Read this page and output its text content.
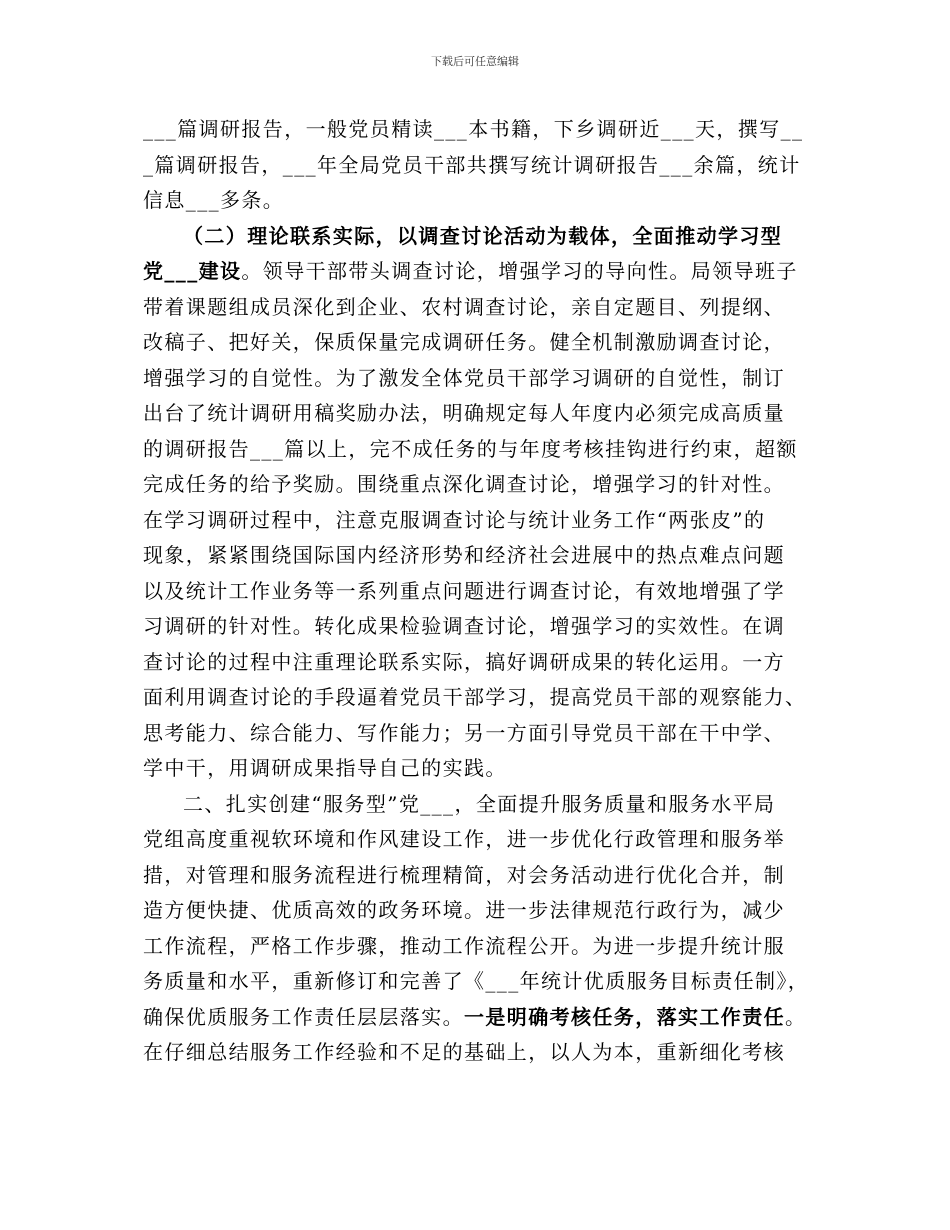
下载后可任意编辑
___篇调研报告，一般党员精读___本书籍，下乡调研近___天，撰写__
_篇调研报告，___年全局党员干部共撰写统计调研报告___余篇，统计
信息___多条。
（二）理论联系实际，以调查讨论活动为载体，全面推动学习型
党___建设。领导干部带头调查讨论，增强学习的导向性。局领导班子
带着课题组成员深化到企业、农村调查讨论，亲自定题目、列提纲、
改稿子、把好关，保质保量完成调研任务。健全机制激励调查讨论，
增强学习的自觉性。为了激发全体党员干部学习调研的自觉性，制订
出台了统计调研用稿奖励办法，明确规定每人年度内必须完成高质量
的调研报告___篇以上，完不成任务的与年度考核挂钩进行约束，超额
完成任务的给予奖励。围绕重点深化调查讨论，增强学习的针对性。
在学习调研过程中，注意克服调查讨论与统计业务工作“两张皮”的
现象，紧紧围绕国际国内经济形势和经济社会进展中的热点难点问题
以及统计工作业务等一系列重点问题进行调查讨论，有效地增强了学
习调研的针对性。转化成果检验调查讨论，增强学习的实效性。在调
查讨论的过程中注重理论联系实际，搞好调研成果的转化运用。一方
面利用调查讨论的手段逼着党员干部学习，提高党员干部的观察能力、
思考能力、综合能力、写作能力；另一方面引导党员干部在干中学、
学中干，用调研成果指导自己的实践。
二、扎实创建“服务型”党___，全面提升服务质量和服务水平局
党组高度重视软环境和作风建设工作，进一步优化行政管理和服务举
措，对管理和服务流程进行梳理精简，对会务活动进行优化合并，制
造方便快捷、优质高效的政务环境。进一步法律规范行政行为，减少
工作流程，严格工作步骤，推动工作流程公开。为进一步提升统计服
务质量和水平，重新修订和完善了《___年统计优质服务目标责任制》，
确保优质服务工作责任层层落实。一是明确考核任务，落实工作责任。
在仔细总结服务工作经验和不足的基础上，以人为本，重新细化考核
